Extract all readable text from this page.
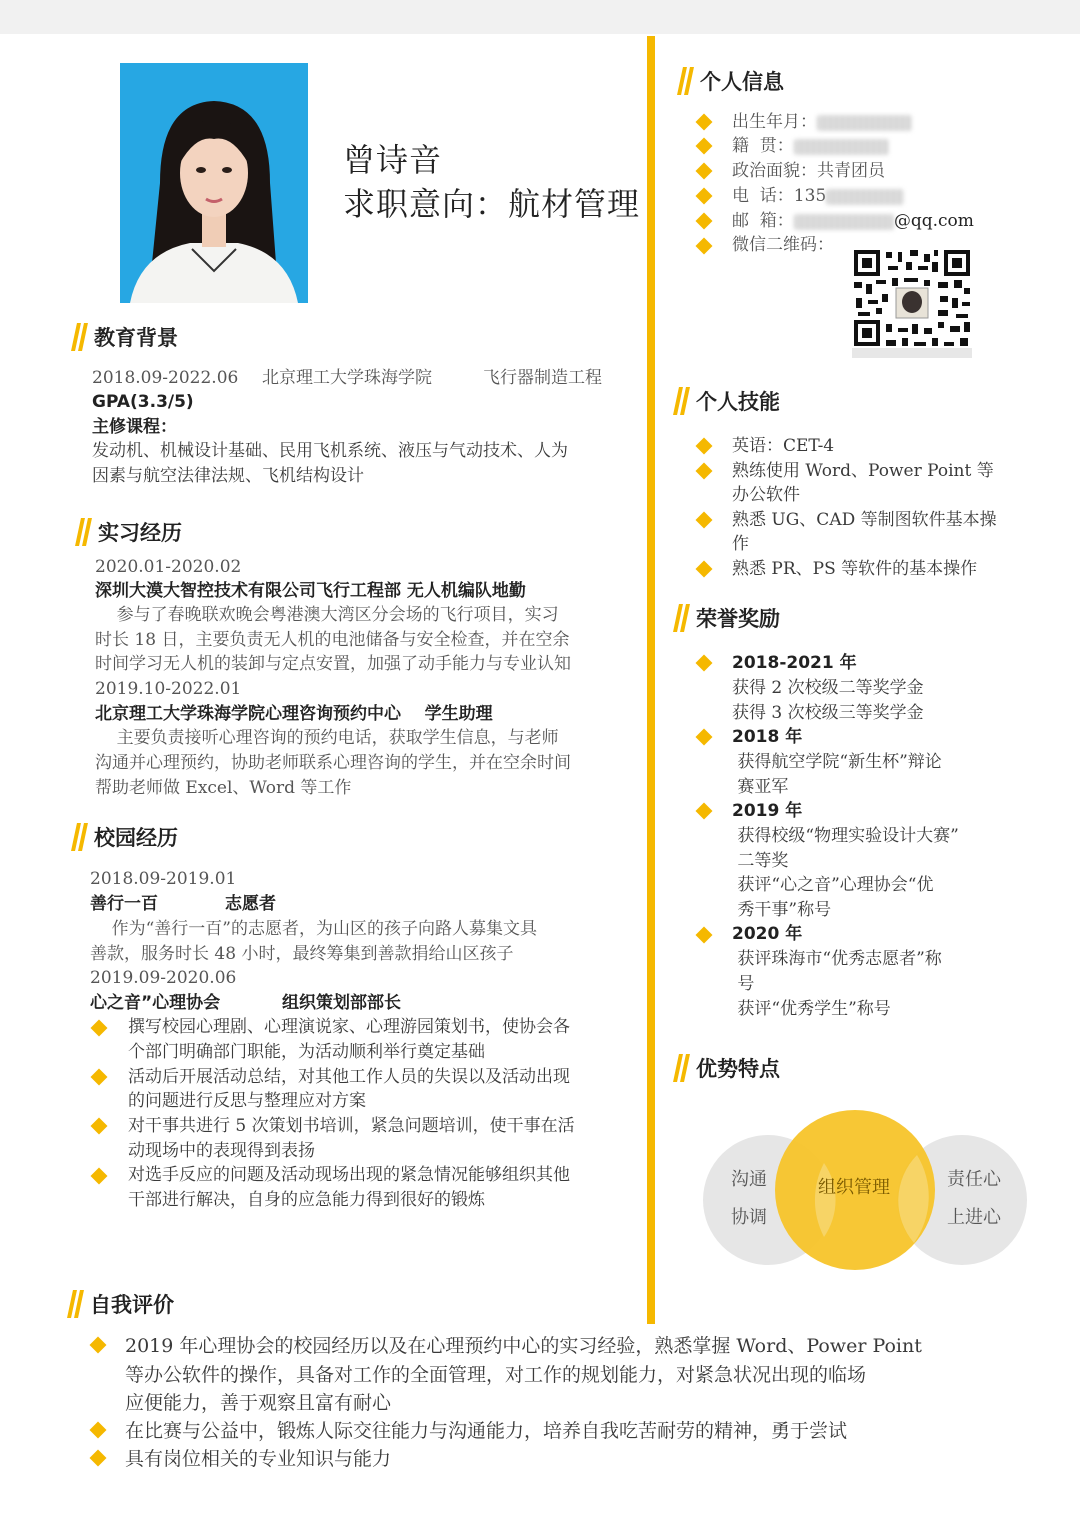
曾诗音
求职意向：航材管理
教育背景
2018.09-2022.06 北京理工大学珠海学院	飞行器制造工程
GPA(3.3/5)
主修课程：
发动机、机械设计基础、民用飞机系统、液压与气动技术、人为
因素与航空法律法规、飞机结构设计
实习经历
2020.01-2020.02
深圳大漠大智控技术有限公司飞行工程部 无人机编队地勤
参与了春晚联欢晚会粤港澳大湾区分会场的飞行项目，实习
时长 18 日，主要负责无人机的电池储备与安全检查，并在空余
时间学习无人机的装卸与定点安置，加强了动手能力与专业认知
2019.10-2022.01
北京理工大学珠海学院心理咨询预约中心    学生助理
主要负责接听心理咨询的预约电话，获取学生信息，与老师
沟通并心理预约，协助老师联系心理咨询的学生，并在空余时间
帮助老师做 Excel、Word 等工作
校园经历
2018.09-2019.01
善行一百	志愿者
作为“善行一百”的志愿者，为山区的孩子向路人募集文具
善款，服务时长 48 小时，最终筹集到善款捐给山区孩子
2019.09-2020.06
心之音”心理协会	组织策划部部长
撰写校园心理剧、心理演说家、心理游园策划书，使协会各
个部门明确部门职能，为活动顺利举行奠定基础
活动后开展活动总结，对其他工作人员的失误以及活动出现
的问题进行反思与整理应对方案
对干事共进行 5 次策划书培训，紧急问题培训，使干事在活
动现场中的表现得到表扬
对选手反应的问题及活动现场出现的紧急情况能够组织其他
干部进行解决，自身的应急能力得到很好的锻炼
个人信息
出生年月：
籍  贯：
政治面貌：共青团员
电  话：135
邮  箱：	@qq.com
微信二维码：
个人技能
英语：CET-4
熟练使用 Word、Power Point 等
办公软件
熟悉 UG、CAD 等制图软件基本操
作
熟悉 PR、PS 等软件的基本操作
荣誉奖励
2018-2021 年
获得 2 次校级二等奖学金
获得 3 次校级三等奖学金
2018 年
获得航空学院“新生杯”辩论
赛亚军
2019 年
获得校级“物理实验设计大赛”
二等奖
获评“心之音”心理协会“优
秀干事”称号
2020 年
获评珠海市“优秀志愿者”称
号
获评“优秀学生”称号
优势特点
沟通
协调
组织管理	责任心
上进心
自我评价
2019 年心理协会的校园经历以及在心理预约中心的实习经验，熟悉掌握 Word、Power Point
等办公软件的操作，具备对工作的全面管理，对工作的规划能力，对紧急状况出现的临场
应便能力，善于观察且富有耐心
在比赛与公益中，锻炼人际交往能力与沟通能力，培养自我吃苦耐劳的精神，勇于尝试
具有岗位相关的专业知识与能力
